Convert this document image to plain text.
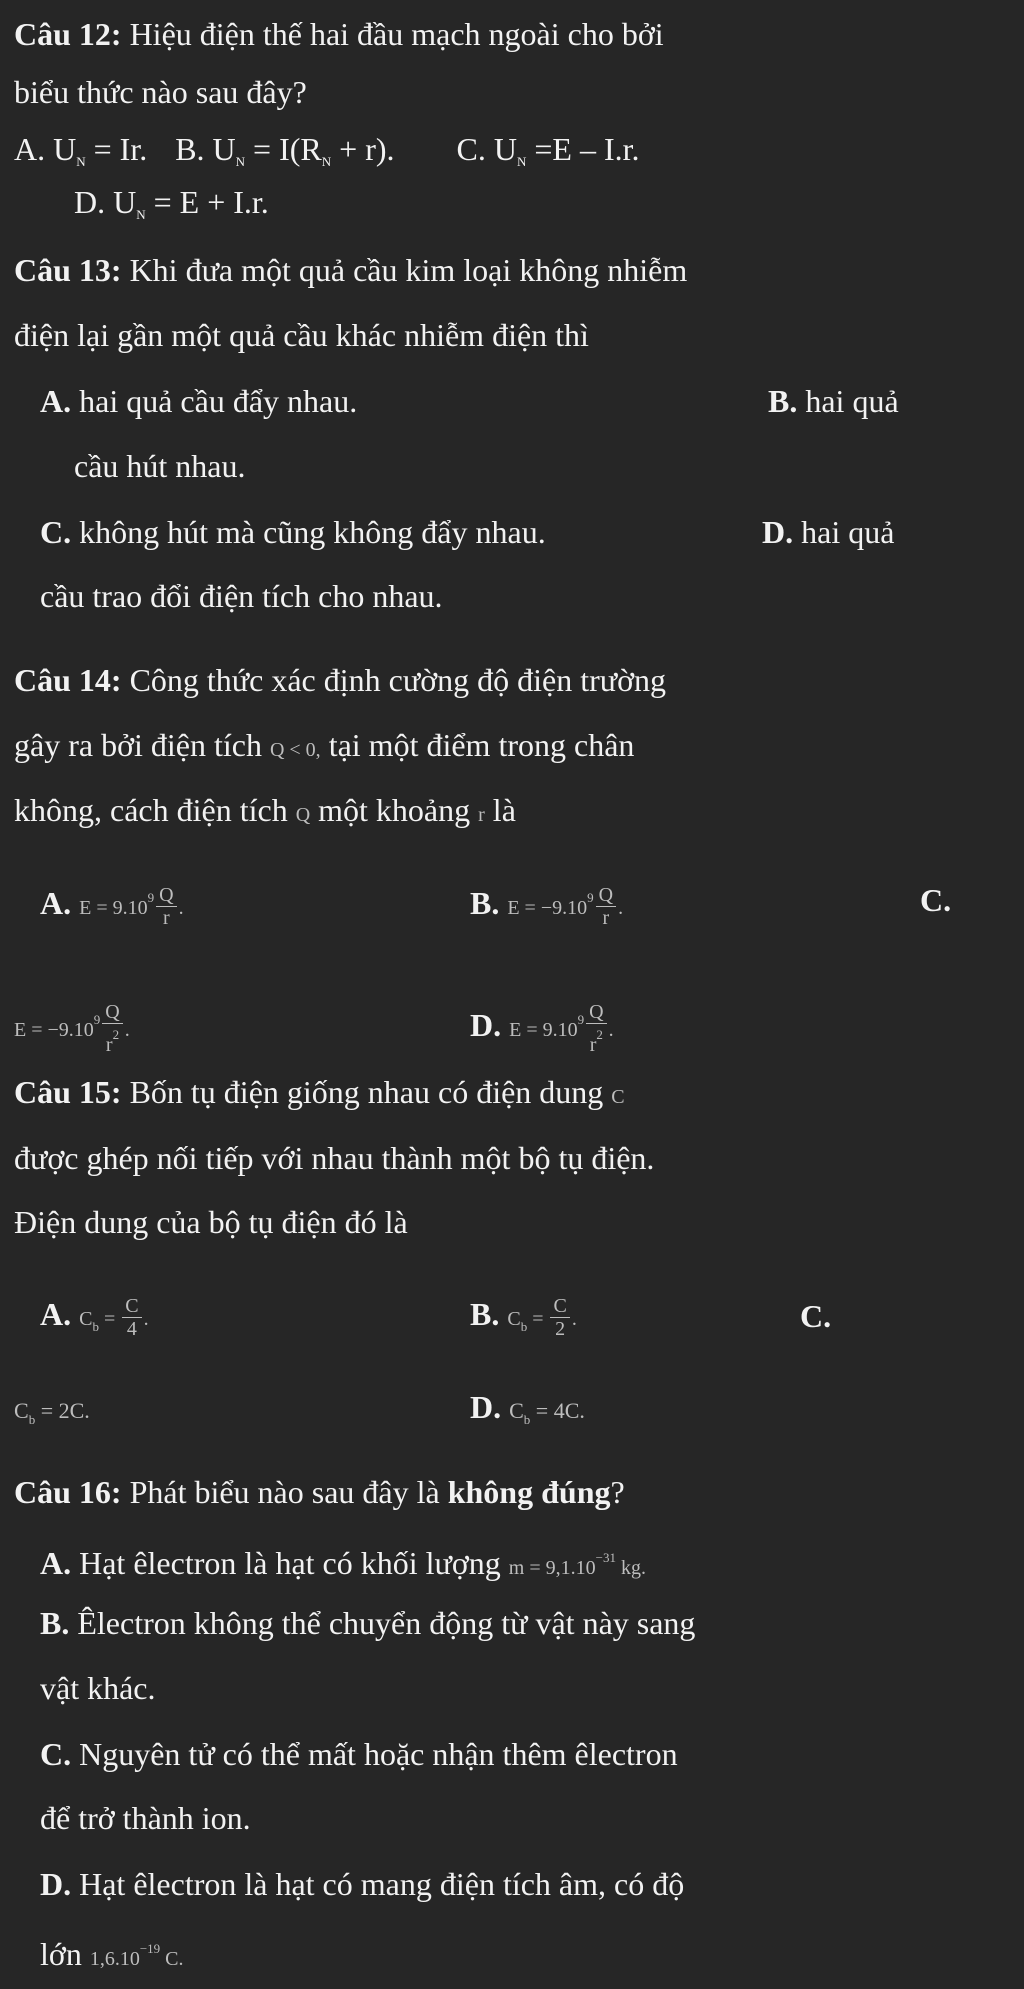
Câu 12: Hiệu điện thế hai đầu mạch ngoài cho bởi
biểu thức nào sau đây?
A. $U_N = Ir$. B. $U_N = I(R_N + r)$. C. $U_N =E - I.r$.
D. $U_N = E + I.r$.
Câu 13: Khi đưa một quả cầu kim loại không nhiễm
điện lại gần một quả cầu khác nhiễm điện thì
A. hai quả cầu đẩy nhau.	B. hai quả
cầu hút nhau.
C. không hút mà cũng không đẩy nhau.	D. hai quả
cầu trao đổi điện tích cho nhau.
Câu 14: Công thức xác định cường độ điện trường
gây ra bởi điện tích Q < 0, tại một điểm trong chân
không, cách điện tích Q một khoảng r là
A. $E = 9.10^9 \frac{Q}{r}$ .	B. $E = -9.10^9 \frac{Q}{r}$ .	C.
$E = -9.10^9 \frac{Q}{r^2}$ .	D. $E = 9.10^9 \frac{Q}{r^2}$ .
Câu 15: Bốn tụ điện giống nhau có điện dung C
được ghép nối tiếp với nhau thành một bộ tụ điện.
Điện dung của bộ tụ điện đó là
A. $C_b = \frac{C}{4}$ .	B. $C_b = \frac{C}{2}$ .	C.
$C_b = 2C$.	D. $C_b = 4C$.
Câu 16: Phát biểu nào sau đây là không đúng?
A. Hạt êlectron là hạt có khối lượng $m = 9,1.10^{-31}$ kg.
B. Êlectron không thể chuyển động từ vật này sang
vật khác.
C. Nguyên tử có thể mất hoặc nhận thêm êlectron
để trở thành ion.
D. Hạt êlectron là hạt có mang điện tích âm, có độ
lớn $1,6.10^{-19}$ C.
